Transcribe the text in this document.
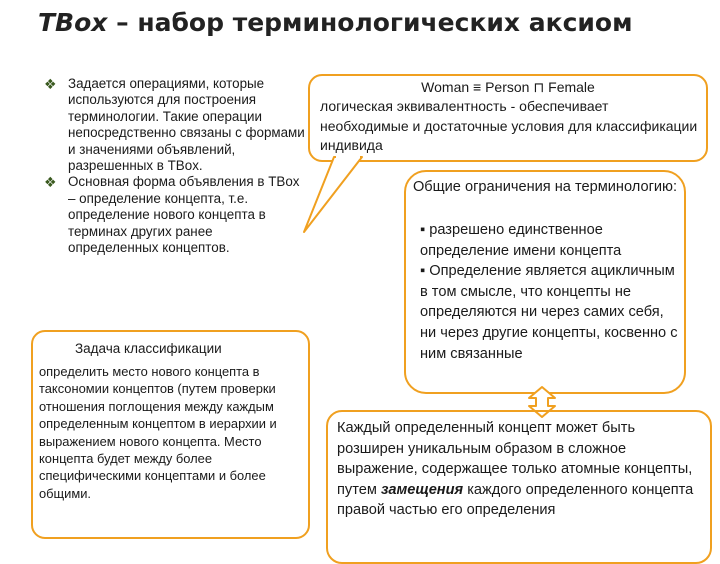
TBox – набор терминологических аксиом
❖ Задается операциями, которые используются для построения терминологии. Такие операции непосредственно связаны с формами и значениями объявлений, разрешенных в TBox.
❖ Основная форма объявления в TBox – определение концепта, т.е. определение нового концепта в терминах других ранее определенных концептов.
Задача классификации
определить место нового концепта в таксономии концептов (путем проверки отношения поглощения между каждым определенным концептом в иерархии и выражением нового концепта. Место концепта будет между более специфическими концептами и более общими.
Woman ≡ Person ⊓ Female
логическая эквивалентность - обеспечивает необходимые и достаточные условия для классификации индивида
Общие ограничения на терминологию:
▪ разрешено единственное определение имени концепта
▪ Определение является ацикличным в том смысле, что концепты не определяются ни через самих себя, ни через другие концепты, косвенно с ним связанные
Каждый определенный концепт может быть розширен уникальным образом в сложное выражение, содержащее только атомные концепты, путем замещения каждого определенного концепта правой частью его определения
